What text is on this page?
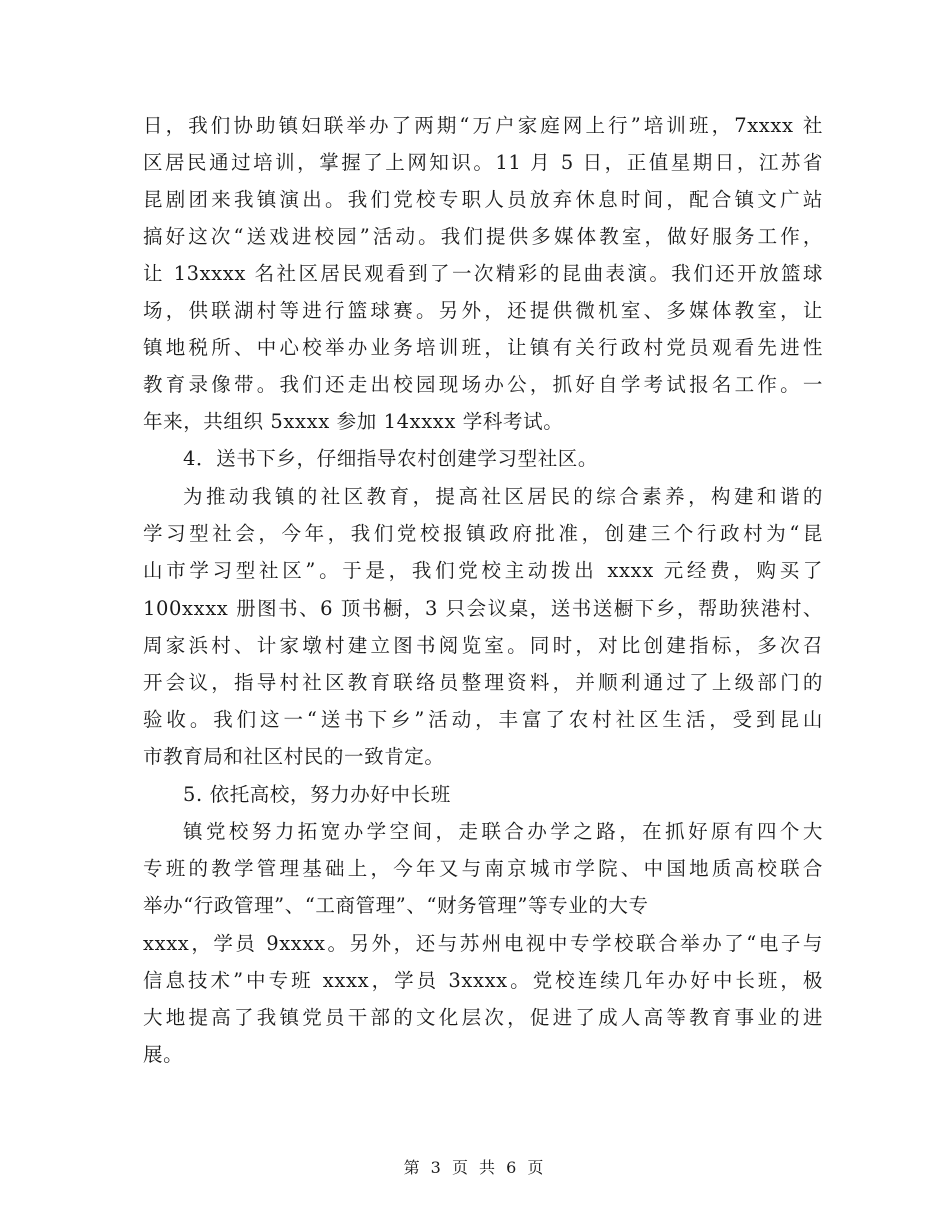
日，我们协助镇妇联举办了两期“万户家庭网上行”培训班，7xxxx 社
区居民通过培训，掌握了上网知识。11 月 5 日，正值星期日，江苏省
昆剧团来我镇演出。我们党校专职人员放弃休息时间，配合镇文广站
搞好这次“送戏进校园”活动。我们提供多媒体教室，做好服务工作，
让 13xxxx 名社区居民观看到了一次精彩的昆曲表演。我们还开放篮球
场，供联湖村等进行篮球赛。另外，还提供微机室、多媒体教室，让
镇地税所、中心校举办业务培训班，让镇有关行政村党员观看先进性
教育录像带。我们还走出校园现场办公，抓好自学考试报名工作。一
年来，共组织 5xxxx 参加 14xxxx 学科考试。
4．送书下乡，仔细指导农村创建学习型社区。
为推动我镇的社区教育，提高社区居民的综合素养，构建和谐的
学习型社会，今年，我们党校报镇政府批准，创建三个行政村为“昆
山市学习型社区”。于是，我们党校主动拨出 xxxx 元经费，购买了
100xxxx 册图书、6 顶书橱，3 只会议桌，送书送橱下乡，帮助狭港村、
周家浜村、计家墩村建立图书阅览室。同时，对比创建指标，多次召
开会议，指导村社区教育联络员整理资料，并顺利通过了上级部门的
验收。我们这一“送书下乡”活动，丰富了农村社区生活，受到昆山
市教育局和社区村民的一致肯定。
5. 依托高校，努力办好中长班
镇党校努力拓宽办学空间，走联合办学之路，在抓好原有四个大
专班的教学管理基础上，今年又与南京城市学院、中国地质高校联合
举办“行政管理”、“工商管理”、“财务管理”等专业的大专
xxxx，学员 9xxxx。另外，还与苏州电视中专学校联合举办了“电子与
信息技术”中专班 xxxx，学员 3xxxx。党校连续几年办好中长班，极
大地提高了我镇党员干部的文化层次，促进了成人高等教育事业的进
展。
第 3 页 共 6 页
